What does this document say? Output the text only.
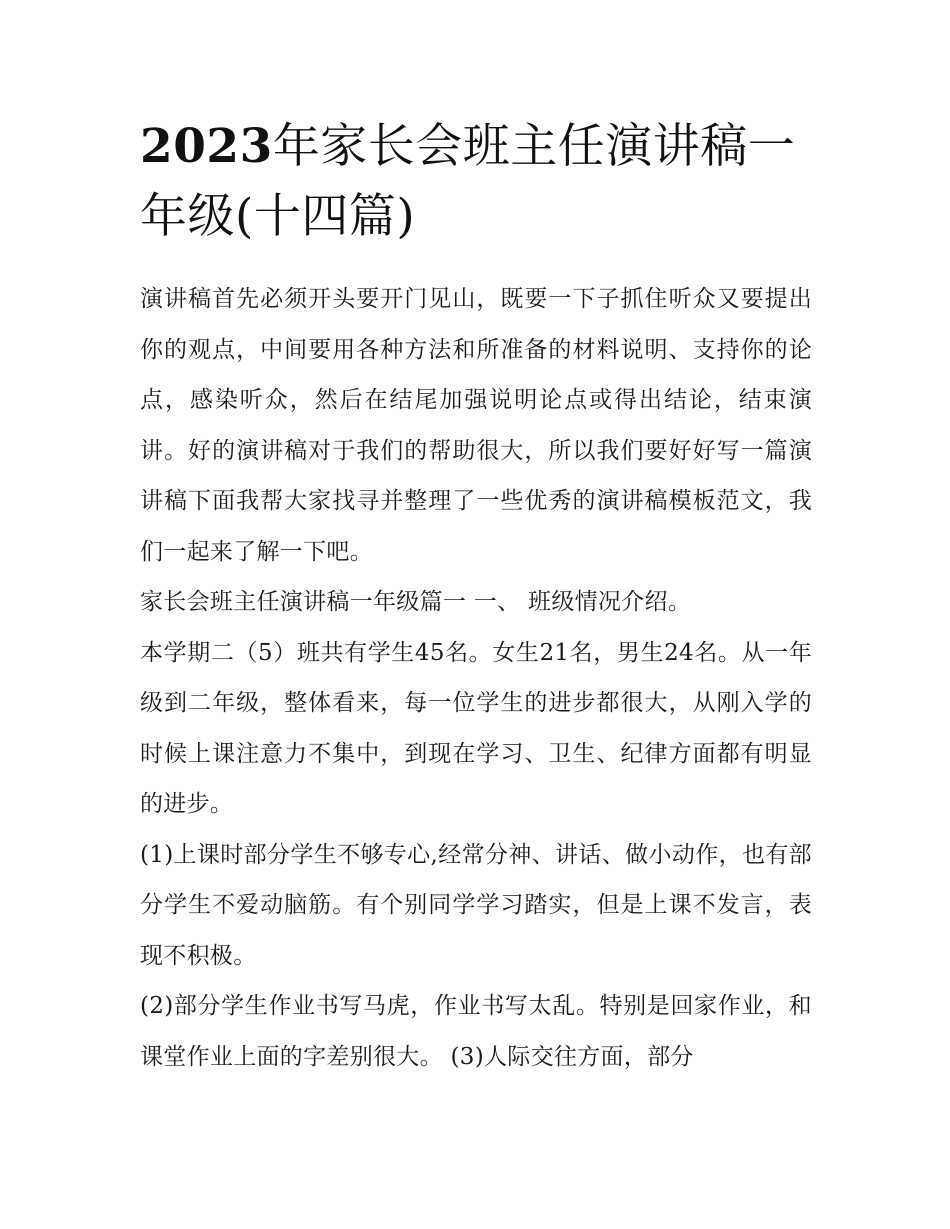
2023年家长会班主任演讲稿一年级(十四篇)

演讲稿首先必须开头要开门见山，既要一下子抓住听众又要提出你的观点，中间要用各种方法和所准备的材料说明、支持你的论点，感染听众，然后在结尾加强说明论点或得出结论，结束演讲。好的演讲稿对于我们的帮助很大，所以我们要好好写一篇演讲稿下面我帮大家找寻并整理了一些优秀的演讲稿模板范文，我们一起来了解一下吧。

家长会班主任演讲稿一年级篇一 一、 班级情况介绍。

本学期二（5）班共有学生45名。女生21名，男生24名。从一年级到二年级，整体看来，每一位学生的进步都很大，从刚入学的时候上课注意力不集中，到现在学习、卫生、纪律方面都有明显的进步。

(1)上课时部分学生不够专心,经常分神、讲话、做小动作，也有部分学生不爱动脑筋。有个别同学学习踏实，但是上课不发言，表现不积极。

(2)部分学生作业书写马虎，作业书写太乱。特别是回家作业，和课堂作业上面的字差别很大。 (3)人际交往方面，部分
